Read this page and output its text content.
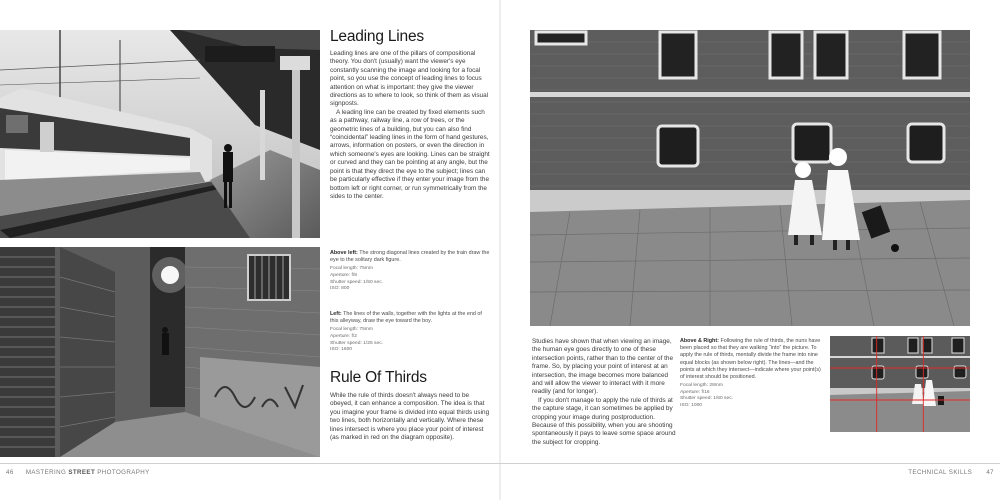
Leading Lines

Leading lines are one of the pillars of compositional theory. You don't (usually) want the viewer's eye constantly scanning the image and looking for a focal point, so you use the concept of leading lines to focus attention on what is important: they give the viewer directions as to where to look, so think of them as visual signposts.

A leading line can be created by fixed elements such as a pathway, railway line, a row of trees, or the geometric lines of a building, but you can also find “coincidental” leading lines in the form of hand gestures, arrows, information on posters, or even the direction in which someone's eyes are looking. Lines can be straight or curved and they can be pointing at any angle, but the point is that they direct the eye to the subject; lines can be particularly effective if they enter your image from the bottom left or right corner, or run symmetrically from the sides to the center.

Above left: The strong diagonal lines created by the train draw the eye to the solitary dark figure.
Focal length: 75mm
Aperture: f/8
Shutter speed: 1/50 sec.
ISO: 800
Left: The lines of the walls, together with the lights at the end of this alleyway, draw the eye toward the boy.
Focal length: 75mm
Aperture: f/2
Shutter speed: 1/25 sec.
ISO: 1600
Rule Of Thirds

While the rule of thirds doesn't always need to be obeyed, it can enhance a composition. The idea is that you imagine your frame is divided into equal thirds using two lines, both horizontally and vertically. Where these lines intersect is where you place your point of interest (as marked in red on the diagram opposite).

Studies have shown that when viewing an image, the human eye goes directly to one of these intersection points, rather than to the center of the frame. So, by placing your point of interest at an intersection, the image becomes more balanced and will allow the viewer to interact with it more readily (and for longer).

If you don't manage to apply the rule of thirds at the capture stage, it can sometimes be applied by cropping your image during postproduction. Because of this possibility, when you are shooting spontaneously it pays to leave some space around the subject for cropping.

Above & Right: Following the rule of thirds, the nuns have been placed so that they are walking “into” the picture. To apply the rule of thirds, mentally divide the frame into nine equal blocks (as shown below right). The lines—and the points at which they intersect—indicate where your point(s) of interest should be positioned.
Focal length: 28mm
Aperture: f/16
Shutter speed: 1/60 sec.
ISO: 1000
46 MASTERING STREET PHOTOGRAPHY	TECHNICAL SKILLS 47
